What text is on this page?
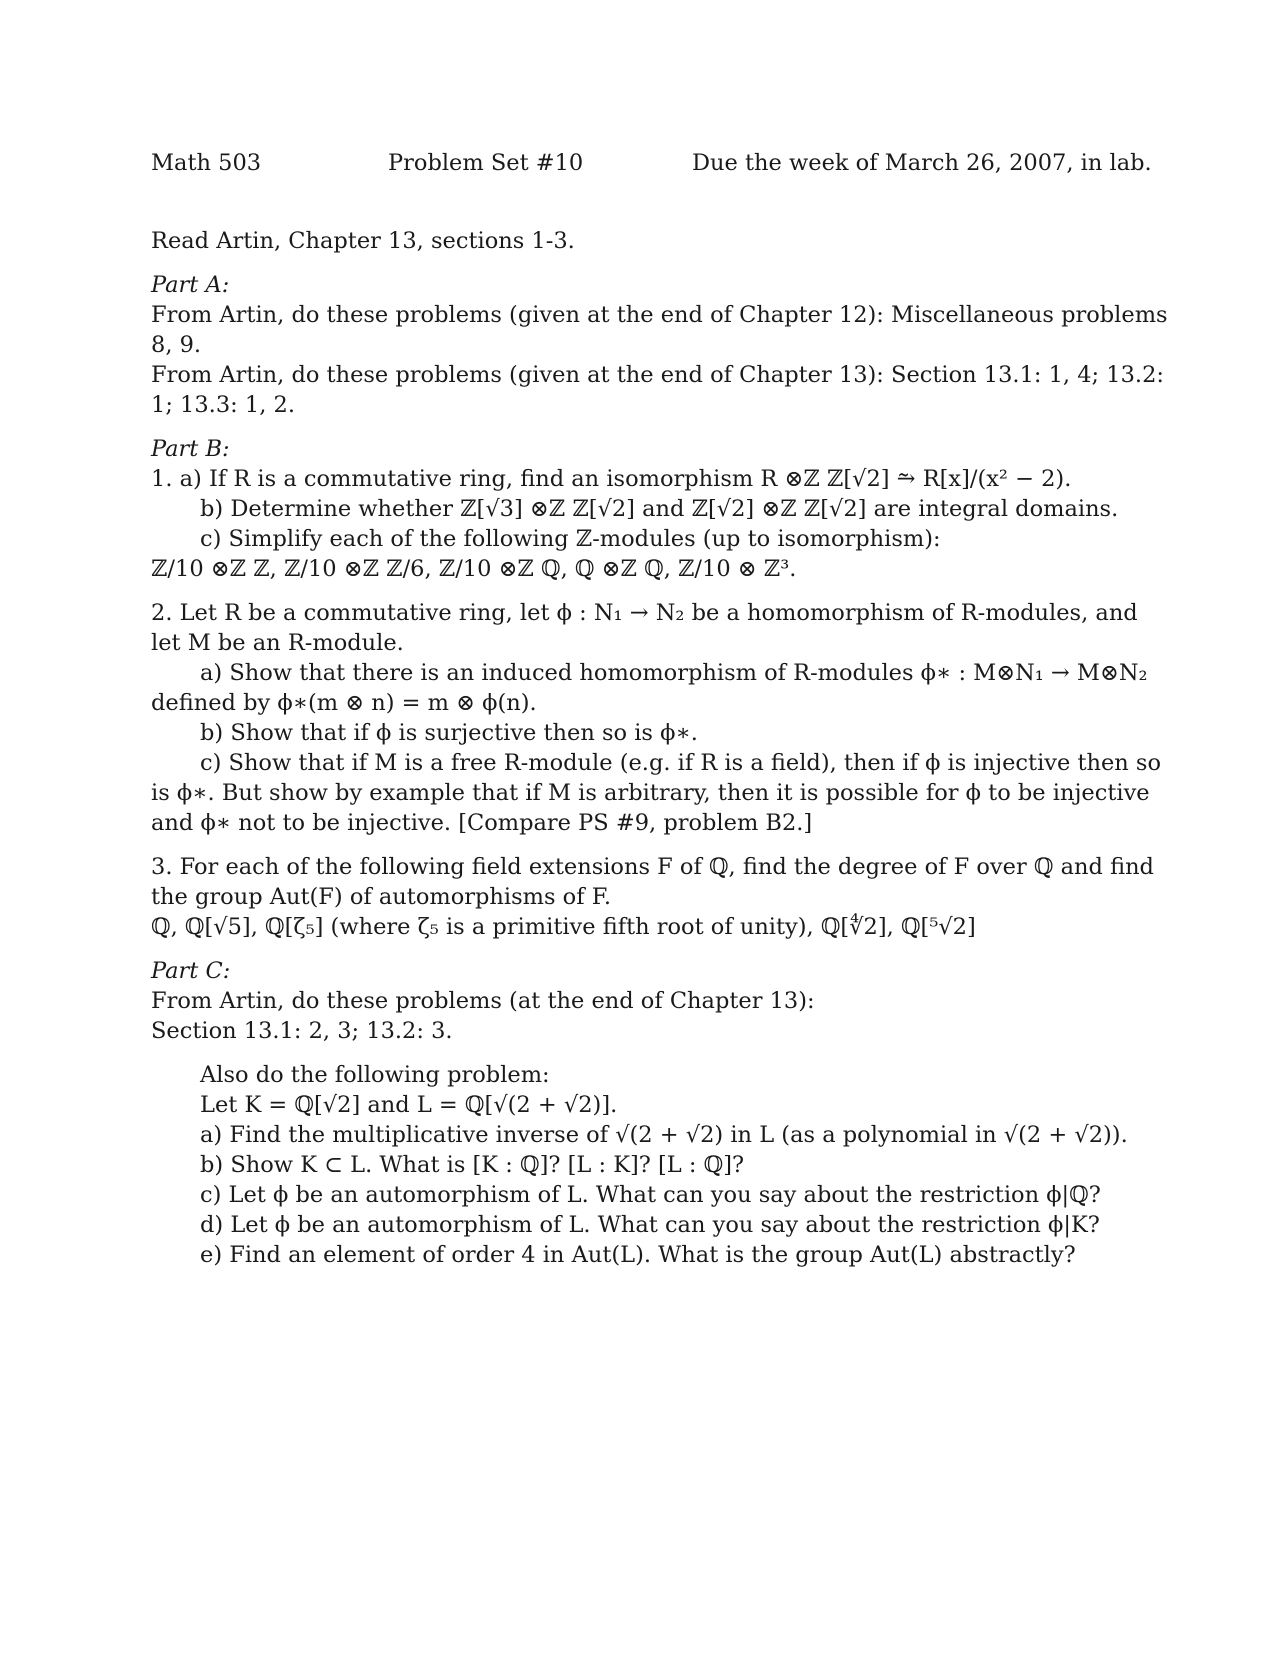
Math 503	Problem Set #10	Due the week of March 26, 2007, in lab.
Read Artin, Chapter 13, sections 1-3.
Part A:
From Artin, do these problems (given at the end of Chapter 12): Miscellaneous problems
8, 9.
From Artin, do these problems (given at the end of Chapter 13): Section 13.1: 1, 4; 13.2:
1; 13.3: 1, 2.
Part B:
1. a) If R is a commutative ring, find an isomorphism R ⊗ℤ ℤ[√2] ⥲ R[x]/(x² − 2).
b) Determine whether ℤ[√3] ⊗ℤ ℤ[√2] and ℤ[√2] ⊗ℤ ℤ[√2] are integral domains.
c) Simplify each of the following ℤ-modules (up to isomorphism):
ℤ/10 ⊗ℤ ℤ, ℤ/10 ⊗ℤ ℤ/6, ℤ/10 ⊗ℤ ℚ, ℚ ⊗ℤ ℚ, ℤ/10 ⊗ ℤ³.
2. Let R be a commutative ring, let ϕ : N₁ → N₂ be a homomorphism of R-modules, and
let M be an R-module.
a) Show that there is an induced homomorphism of R-modules ϕ∗ : M⊗N₁ → M⊗N₂
defined by ϕ∗(m ⊗ n) = m ⊗ ϕ(n).
b) Show that if ϕ is surjective then so is ϕ∗.
c) Show that if M is a free R-module (e.g. if R is a field), then if ϕ is injective then so
is ϕ∗. But show by example that if M is arbitrary, then it is possible for ϕ to be injective
and ϕ∗ not to be injective. [Compare PS #9, problem B2.]
3. For each of the following field extensions F of ℚ, find the degree of F over ℚ and find
the group Aut(F) of automorphisms of F.
ℚ, ℚ[√5], ℚ[ζ₅] (where ζ₅ is a primitive fifth root of unity), ℚ[∜2], ℚ[⁵√2]
Part C:
From Artin, do these problems (at the end of Chapter 13):
Section 13.1: 2, 3; 13.2: 3.
Also do the following problem:
Let K = ℚ[√2] and L = ℚ[√(2 + √2)].
a) Find the multiplicative inverse of √(2 + √2) in L (as a polynomial in √(2 + √2)).
b) Show K ⊂ L. What is [K : ℚ]? [L : K]? [L : ℚ]?
c) Let ϕ be an automorphism of L. What can you say about the restriction ϕ|ℚ?
d) Let ϕ be an automorphism of L. What can you say about the restriction ϕ|K?
e) Find an element of order 4 in Aut(L). What is the group Aut(L) abstractly?
